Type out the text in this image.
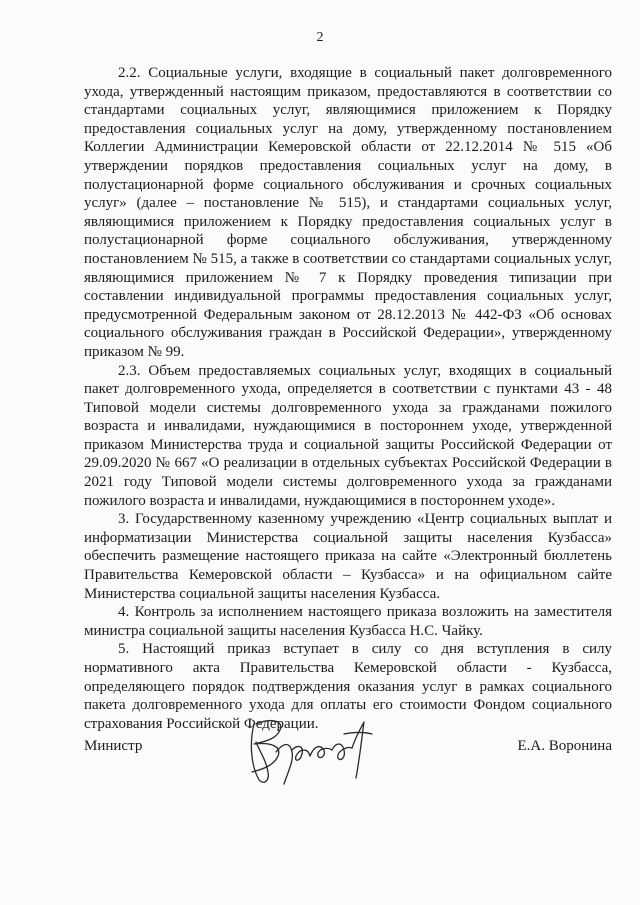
2

2.2. Социальные услуги, входящие в социальный пакет долговременного ухода, утвержденный настоящим приказом, предоставляются в соответствии со стандартами социальных услуг, являющимися приложением к Порядку предоставления социальных услуг на дому, утвержденному постановлением Коллегии Администрации Кемеровской области от 22.12.2014 № 515 «Об утверждении порядков предоставления социальных услуг на дому, в полустационарной форме социального обслуживания и срочных социальных услуг» (далее – постановление № 515), и стандартами социальных услуг, являющимися приложением к Порядку предоставления социальных услуг в полустационарной форме социального обслуживания, утвержденному постановлением № 515, а также в соответствии со стандартами социальных услуг, являющимися приложением № 7 к Порядку проведения типизации при составлении индивидуальной программы предоставления социальных услуг, предусмотренной Федеральным законом от 28.12.2013 № 442-ФЗ «Об основах социального обслуживания граждан в Российской Федерации», утвержденному приказом № 99.

2.3. Объем предоставляемых социальных услуг, входящих в социальный пакет долговременного ухода, определяется в соответствии с пунктами 43 - 48 Типовой модели системы долговременного ухода за гражданами пожилого возраста и инвалидами, нуждающимися в постороннем уходе, утвержденной приказом Министерства труда и социальной защиты Российской Федерации от 29.09.2020 № 667 «О реализации в отдельных субъектах Российской Федерации в 2021 году Типовой модели системы долговременного ухода за гражданами пожилого возраста и инвалидами, нуждающимися в постороннем уходе».

3. Государственному казенному учреждению «Центр социальных выплат и информатизации Министерства социальной защиты населения Кузбасса» обеспечить размещение настоящего приказа на сайте «Электронный бюллетень Правительства Кемеровской области – Кузбасса» и на официальном сайте Министерства социальной защиты населения Кузбасса.

4. Контроль за исполнением настоящего приказа возложить на заместителя министра социальной защиты населения Кузбасса Н.С. Чайку.

5. Настоящий приказ вступает в силу со дня вступления в силу нормативного акта Правительства Кемеровской области - Кузбасса, определяющего порядок подтверждения оказания услуг в рамках социального пакета долговременного ухода для оплаты его стоимости Фондом социального страхования Российской Федерации.

Министр	Е.А. Воронина
